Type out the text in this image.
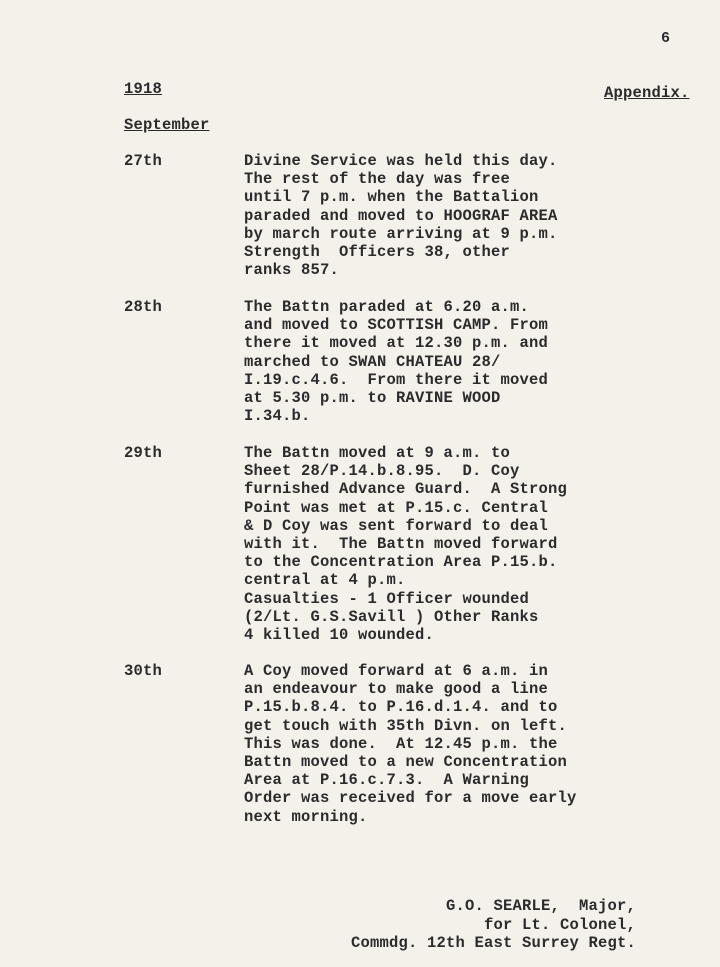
6
1918	Appendix.
September
27th	Divine Service was held this day.
The rest of the day was free
until 7 p.m. when the Battalion
paraded and moved to HOOGRAF AREA
by march route arriving at 9 p.m.
Strength  Officers 38, other
ranks 857.
28th	The Battn paraded at 6.20 a.m.
and moved to SCOTTISH CAMP. From
there it moved at 12.30 p.m. and
marched to SWAN CHATEAU 28/
I.19.c.4.6.  From there it moved
at 5.30 p.m. to RAVINE WOOD
I.34.b.
29th	The Battn moved at 9 a.m. to
Sheet 28/P.14.b.8.95.  D. Coy
furnished Advance Guard.  A Strong
Point was met at P.15.c. Central
& D Coy was sent forward to deal
with it.  The Battn moved forward
to the Concentration Area P.15.b.
central at 4 p.m.
Casualties - 1 Officer wounded
(2/Lt. G.S.Savill ) Other Ranks
4 killed 10 wounded.
30th	A Coy moved forward at 6 a.m. in
an endeavour to make good a line
P.15.b.8.4. to P.16.d.1.4. and to
get touch with 35th Divn. on left.
This was done.  At 12.45 p.m. the
Battn moved to a new Concentration
Area at P.16.c.7.3.  A Warning
Order was received for a move early
next morning.
G.O. SEARLE,  Major,
for Lt. Colonel,
Commdg. 12th East Surrey Regt.
